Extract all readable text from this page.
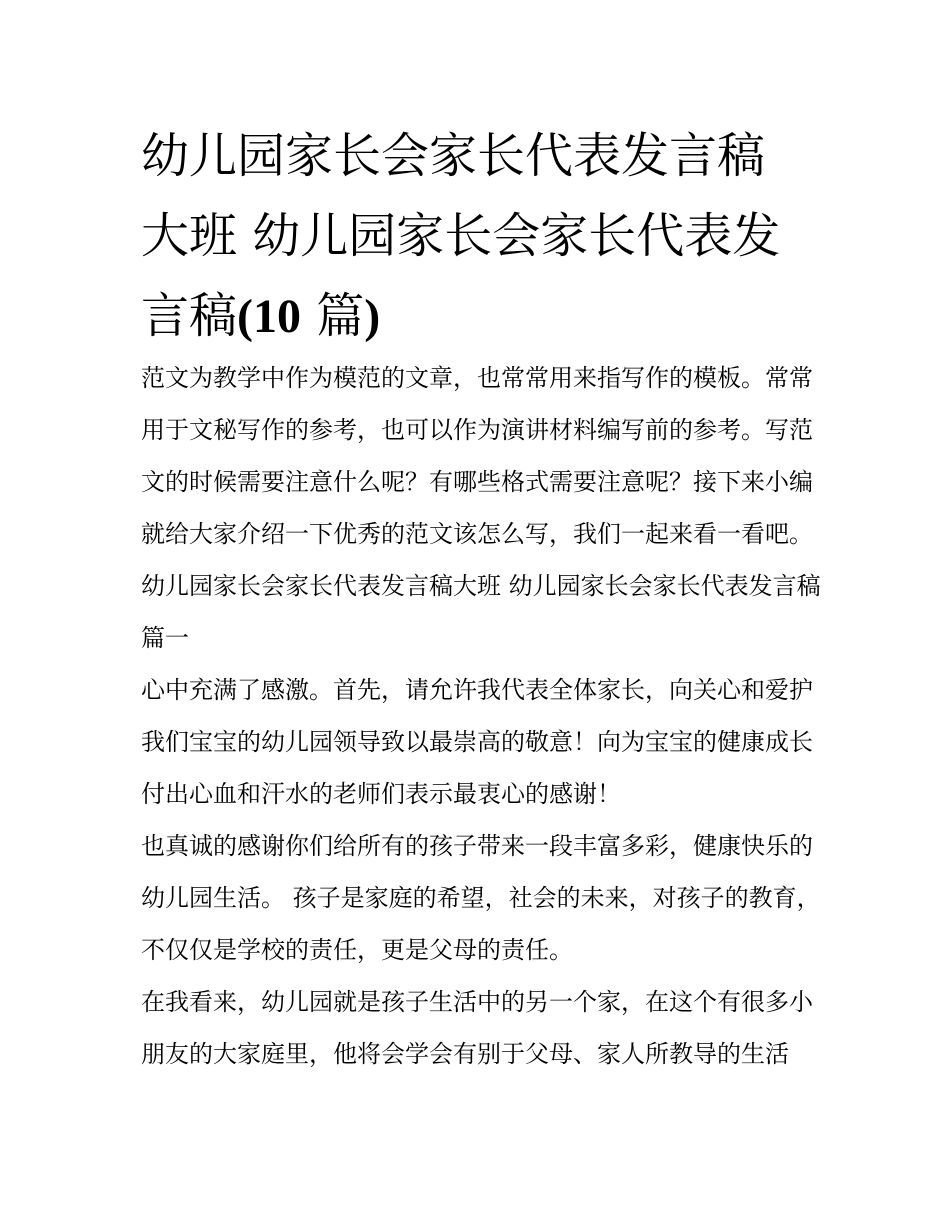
幼儿园家长会家长代表发言稿
大班 幼儿园家长会家长代表发
言稿(10 篇)

范文为教学中作为模范的文章，也常常用来指写作的模板。常常用于文秘写作的参考，也可以作为演讲材料编写前的参考。写范文的时候需要注意什么呢？有哪些格式需要注意呢？接下来小编就给大家介绍一下优秀的范文该怎么写，我们一起来看一看吧。

幼儿园家长会家长代表发言稿大班 幼儿园家长会家长代表发言稿篇一

心中充满了感激。首先，请允许我代表全体家长，向关心和爱护我们宝宝的幼儿园领导致以最崇高的敬意！向为宝宝的健康成长付出心血和汗水的老师们表示最衷心的感谢！

也真诚的感谢你们给所有的孩子带来一段丰富多彩，健康快乐的幼儿园生活。 孩子是家庭的希望，社会的未来，对孩子的教育，不仅仅是学校的责任，更是父母的责任。

在我看来，幼儿园就是孩子生活中的另一个家，在这个有很多小朋友的大家庭里，他将会学会有别于父母、家人所教导的生活
